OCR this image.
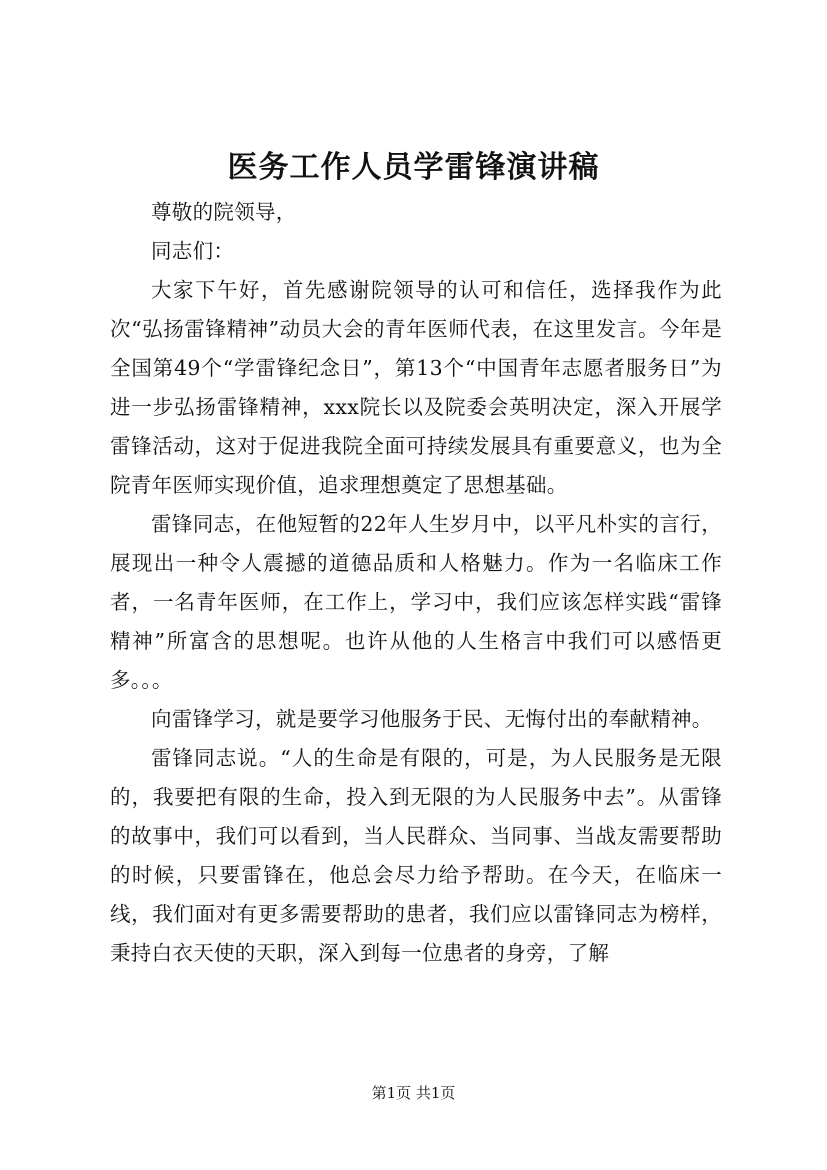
医务工作人员学雷锋演讲稿

尊敬的院领导，

同志们：

大家下午好，首先感谢院领导的认可和信任，选择我作为此次“弘扬雷锋精神”动员大会的青年医师代表，在这里发言。今年是全国第49个“学雷锋纪念日”，第13个“中国青年志愿者服务日”为进一步弘扬雷锋精神，xxx院长以及院委会英明决定，深入开展学雷锋活动，这对于促进我院全面可持续发展具有重要意义，也为全院青年医师实现价值，追求理想奠定了思想基础。

雷锋同志，在他短暂的22年人生岁月中，以平凡朴实的言行，展现出一种令人震撼的道德品质和人格魅力。作为一名临床工作者，一名青年医师，在工作上，学习中，我们应该怎样实践“雷锋精神”所富含的思想呢。也许从他的人生格言中我们可以感悟更多。。。

向雷锋学习，就是要学习他服务于民、无悔付出的奉献精神。

雷锋同志说。“人的生命是有限的，可是，为人民服务是无限的，我要把有限的生命，投入到无限的为人民服务中去”。从雷锋的故事中，我们可以看到，当人民群众、当同事、当战友需要帮助的时候，只要雷锋在，他总会尽力给予帮助。在今天，在临床一线，我们面对有更多需要帮助的患者，我们应以雷锋同志为榜样，秉持白衣天使的天职，深入到每一位患者的身旁，了解

第1页 共1页
